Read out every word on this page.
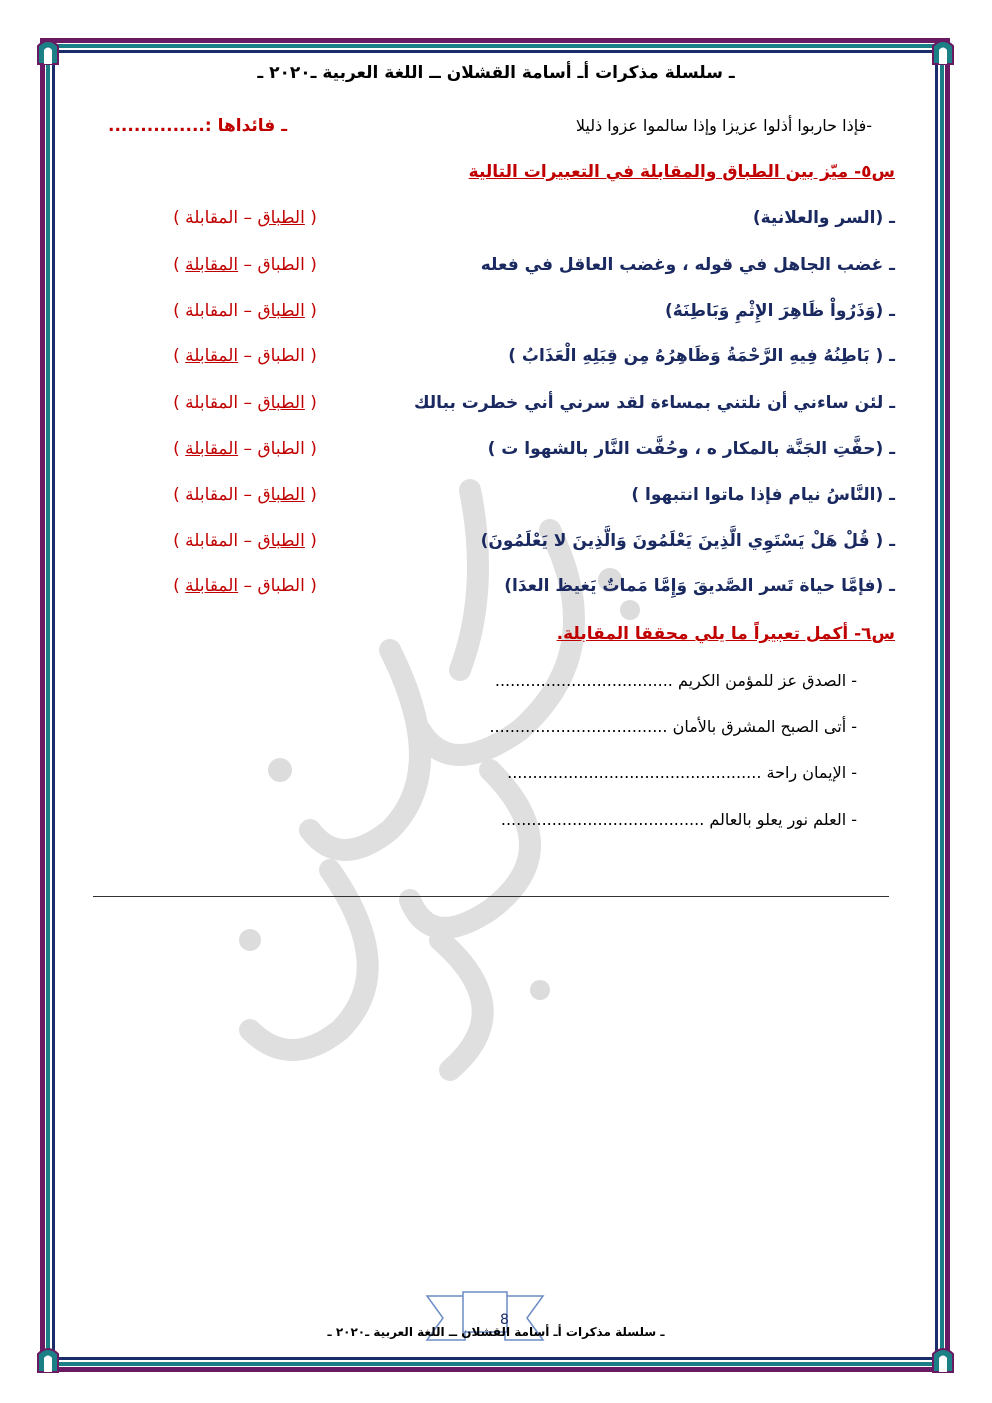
ـ سلسلة مذكرات أـ أسامة القشلان ــ اللغة العربية ـ٢٠٢٠ ـ
-فإذا حاربوا أذلوا عزيزا وإذا سالموا عزوا ذليلا
ـ فائداها :...............
س٥- ميّز بين الطباق والمقابلة في التعبيرات التالية
ـ (السر والعلانية)
( الطباق – المقابلة )
ـ غضب الجاهل في قوله ، وغضب العاقل في فعله
( الطباق – المقابلة )
ـ (وَذَرُواْ ظَاهِرَ الإِثْمِ وَبَاطِنَهُ)
( الطباق – المقابلة )
ـ ( بَاطِنُهُ فِيهِ الرَّحْمَةُ وَظَاهِرُهُ مِن قِبَلِهِ الْعَذَابُ )
( الطباق – المقابلة )
ـ لئن ساءني أن نلتني بمساءة لقد سرني أني خطرت ببالك
( الطباق – المقابلة )
ـ (حفَّتِ الجَنَّة بالمكار ه ، وحُفَّت النَّار بالشهوا ت )
( الطباق – المقابلة )
ـ (النَّاسُ نيام فإذا ماتوا انتبهوا )
( الطباق – المقابلة )
ـ ( قُلْ هَلْ يَسْتَوِي الَّذِينَ يَعْلَمُونَ وَالَّذِينَ لا يَعْلَمُونَ)
( الطباق – المقابلة )
ـ (فإمَّا حياة تَسر الصَّديقَ وَإِمَّا مَماتٌ يَغيظ العدَا)
( الطباق – المقابلة )
س٦- أكمل تعبيراً ما يلي محققا المقابلة.
- الصدق عز للمؤمن الكريم ...................................
- أتى الصبح المشرق بالأمان ...................................
- الإيمان راحة ..................................................
- العلم نور يعلو بالعالم ........................................
8
ـ سلسلة مذكرات أـ أسامة القشلان ــ اللغة العربية ـ٢٠٢٠ ـ
